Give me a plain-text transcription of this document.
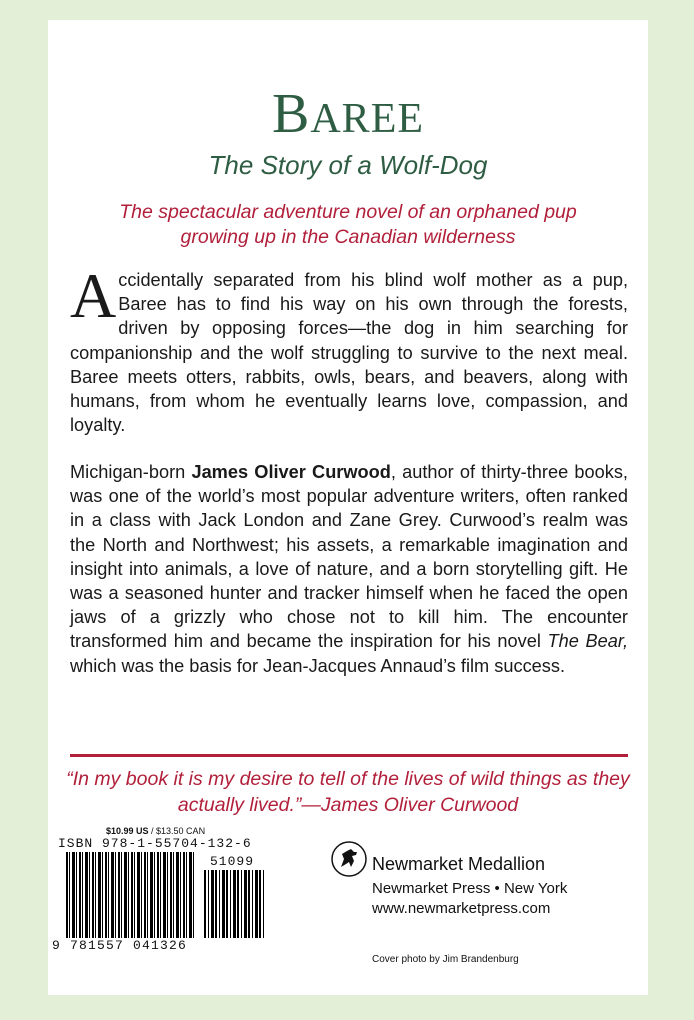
BAREE
The Story of a Wolf-Dog
The spectacular adventure novel of an orphaned pup growing up in the Canadian wilderness

Accidentally separated from his blind wolf mother as a pup, Baree has to find his way on his own through the forests, driven by opposing forces—the dog in him searching for companionship and the wolf struggling to survive to the next meal. Baree meets otters, rabbits, owls, bears, and beavers, along with humans, from whom he eventually learns love, compassion, and loyalty.

Michigan-born James Oliver Curwood, author of thirty-three books, was one of the world’s most popular adventure writers, often ranked in a class with Jack London and Zane Grey. Curwood’s realm was the North and Northwest; his assets, a remarkable imagination and insight into animals, a love of nature, and a born storytelling gift. He was a seasoned hunter and tracker himself when he faced the open jaws of a grizzly who chose not to kill him. The encounter transformed him and became the inspiration for his novel The Bear, which was the basis for Jean-Jacques Annaud’s film success.

“In my book it is my desire to tell of the lives of wild things as they actually lived.”—James Oliver Curwood
$10.99 US / $13.50 CAN
ISBN 978-1-55704-132-6
51099
9 781557 041326
Newmarket Medallion
Newmarket Press • New York
www.newmarketpress.com
Cover photo by Jim Brandenburg
